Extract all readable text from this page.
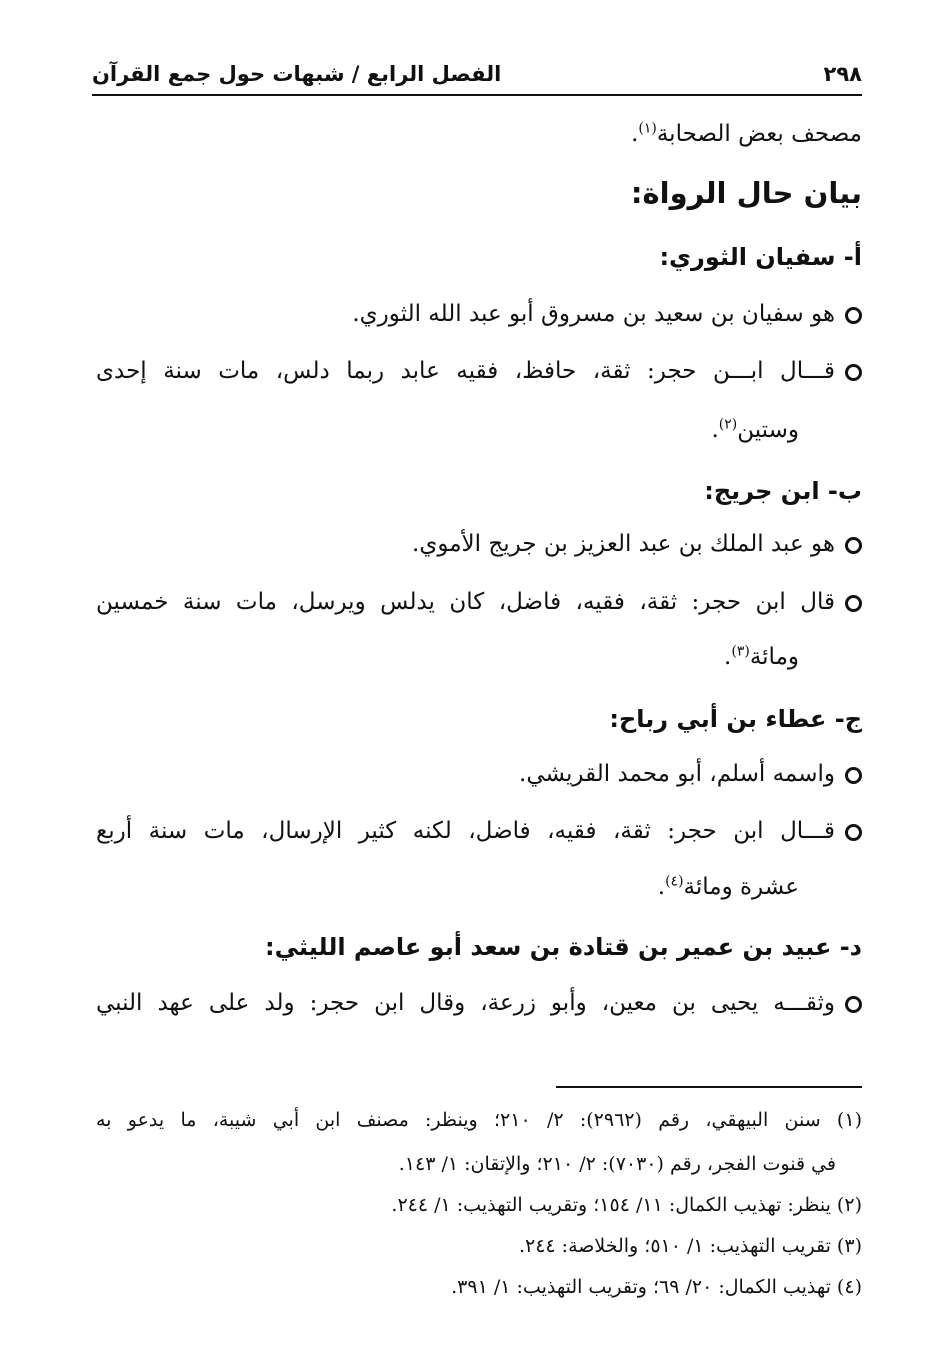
٢٩٨
الفصل الرابع / شبهات حول جمع القرآن
مصحف بعض الصحابة$^{(١)}$.
بيان حال الرواة:
أ- سفيان الثوري:
هو سفيان بن سعيد بن مسروق أبو عبد الله الثوري.
قـــال ابـــن حجر: ثقة، حافظ، فقيه عابد ربما دلس، مات سنة إحدى
وستين$^{(٢)}$.
ب- ابن جريج:
هو عبد الملك بن عبد العزيز بن جريج الأموي.
قال ابن حجر: ثقة، فقيه، فاضل، كان يدلس ويرسل، مات سنة خمسين
ومائة$^{(٣)}$.
ج- عطاء بن أبي رباح:
واسمه أسلم، أبو محمد القريشي.
قـــال ابن حجر: ثقة، فقيه، فاضل، لكنه كثير الإرسال، مات سنة أربع
عشرة ومائة$^{(٤)}$.
د- عبيد بن عمير بن قتادة بن سعد أبو عاصم الليثي:
وثقـــه يحيى بن معين، وأبو زرعة، وقال ابن حجر: ولد على عهد النبي
(١) سنن البيهقي، رقم (٢٩٦٢): ٢/ ٢١٠؛ وينظر: مصنف ابن أبي شيبة، ما يدعو به
في قنوت الفجر، رقم (٧٠٣٠): ٢/ ٢١٠؛ والإتقان: ١/ ١٤٣.
(٢) ينظر: تهذيب الكمال: ١١/ ١٥٤؛ وتقريب التهذيب: ١/ ٢٤٤.
(٣) تقريب التهذيب: ١/ ٥١٠؛ والخلاصة: ٢٤٤.
(٤) تهذيب الكمال: ٢٠/ ٦٩؛ وتقريب التهذيب: ١/ ٣٩١.
